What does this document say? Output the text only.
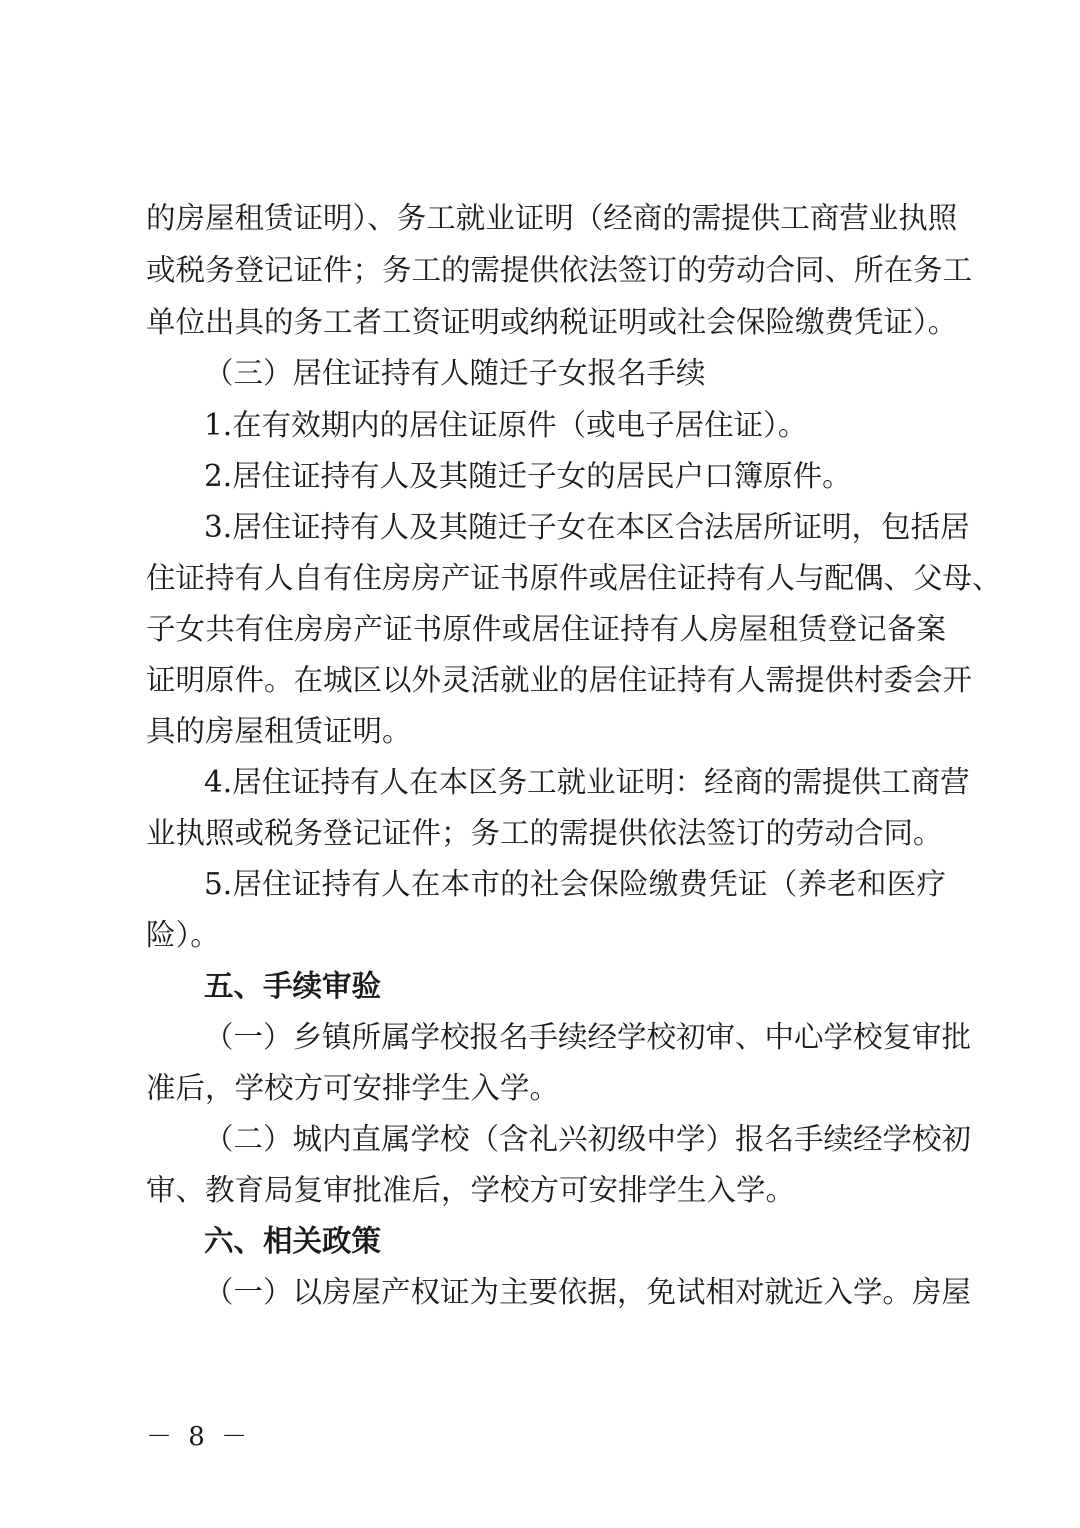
的房屋租赁证明）、务工就业证明（经商的需提供工商营业执照
或税务登记证件；务工的需提供依法签订的劳动合同、所在务工
单位出具的务工者工资证明或纳税证明或社会保险缴费凭证）。
（三）居住证持有人随迁子女报名手续
1.在有效期内的居住证原件（或电子居住证）。
2.居住证持有人及其随迁子女的居民户口簿原件。
3.居住证持有人及其随迁子女在本区合法居所证明，包括居
住证持有人自有住房房产证书原件或居住证持有人与配偶、父母、
子女共有住房房产证书原件或居住证持有人房屋租赁登记备案
证明原件。在城区以外灵活就业的居住证持有人需提供村委会开
具的房屋租赁证明。
4.居住证持有人在本区务工就业证明：经商的需提供工商营
业执照或税务登记证件；务工的需提供依法签订的劳动合同。
5.居住证持有人在本市的社会保险缴费凭证（养老和医疗
险）。
五、手续审验
（一）乡镇所属学校报名手续经学校初审、中心学校复审批
准后，学校方可安排学生入学。
（二）城内直属学校（含礼兴初级中学）报名手续经学校初
审、教育局复审批准后，学校方可安排学生入学。
六、相关政策
（一）以房屋产权证为主要依据，免试相对就近入学。房屋
－ 8 －
